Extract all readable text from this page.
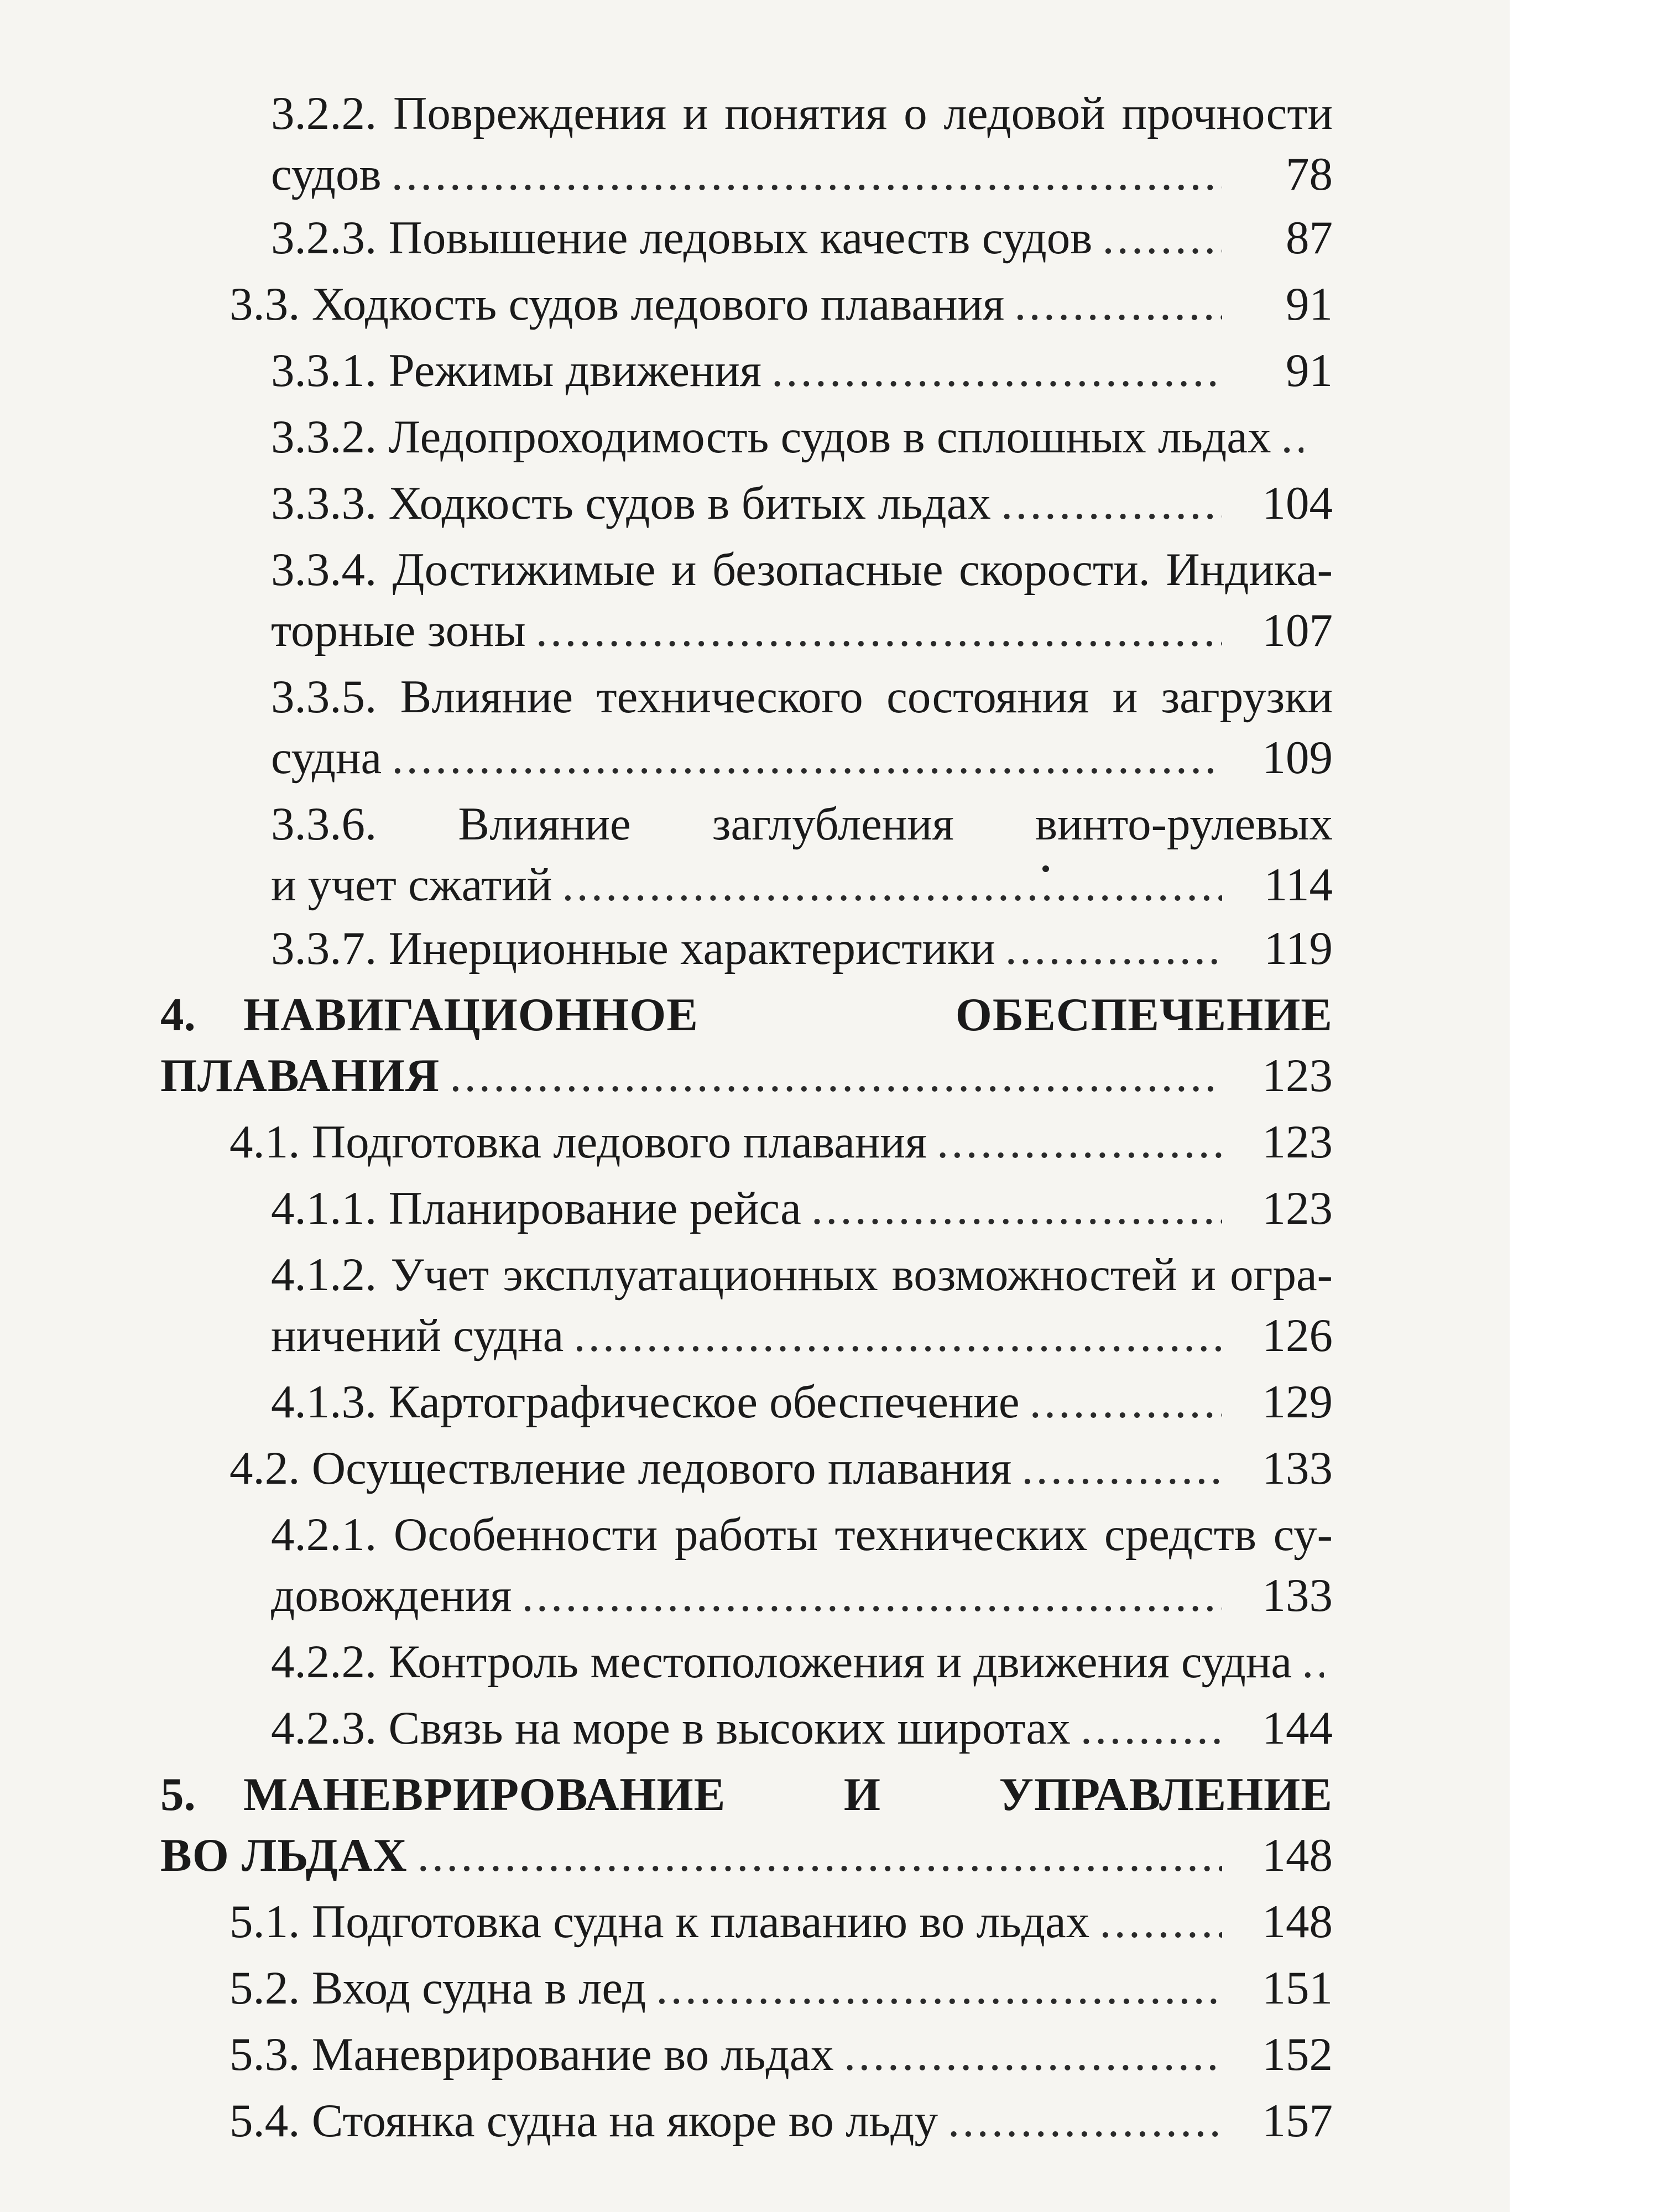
3.2.2. Повреждения и понятия о ледовой прочности
судов .....	78
3.2.3. Повышение ледовых качеств судов .....	87
3.3. Ходкость судов ледового плавания .....	91
3.3.1. Режимы движения .....	91
3.3.2. Ледопроходимость судов в сплошных льдах
.....
3.3.3. Ходкость судов в битых льдах .....	104
3.3.4. Достижимые и безопасные скорости. Индика-
торные зоны .....	107
3.3.5. Влияние технического состояния и загрузки
судна .....	109
3.3.6. Влияние заглубления винто-рулевых
и учет сжатий .....	114
3.3.7. Инерционные характеристики .....	119
4. НАВИГАЦИОННОЕ ОБЕСПЕЧЕНИЕ
ПЛАВАНИЯ .....	123
4.1. Подготовка ледового плавания .....	123
4.1.1. Планирование рейса .....	123
4.1.2. Учет эксплуатационных возможностей и огра-
ничений судна .....	126
4.1.3. Картографическое обеспечение .....	129
4.2. Осуществление ледового плавания .....	133
4.2.1. Особенности работы технических средств су-
довождения .....	133
4.2.2. Контроль местоположения и движения судна
.....
4.2.3. Связь на море в высоких широтах .....	144
5. МАНЕВРИРОВАНИЕ И УПРАВЛЕНИЕ
ВО ЛЬДАХ .....	148
5.1. Подготовка судна к плаванию во льдах .....	148
5.2. Вход судна в лед .....	151
5.3. Маневрирование во льдах .....	152
5.4. Стоянка судна на якоре во льду .....	157
